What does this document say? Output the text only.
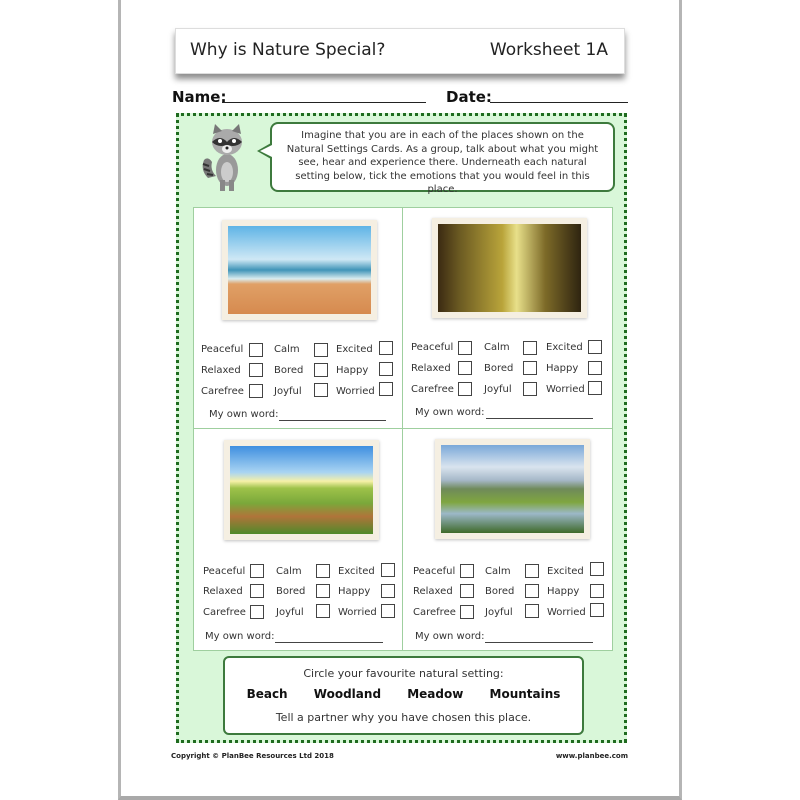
Why is Nature Special?	Worksheet 1A
Name:	Date:
Imagine that you are in each of the places shown on the Natural Settings Cards. As a group, talk about what you might see, hear and experience there. Underneath each natural setting below, tick the emotions that you would feel in this place.
Peaceful	Calm	Excited
Relaxed	Bored	Happy
Carefree	Joyful	Worried
My own word:
Peaceful	Calm	Excited
Relaxed	Bored	Happy
Carefree	Joyful	Worried
My own word:
Peaceful	Calm	Excited
Relaxed	Bored	Happy
Carefree	Joyful	Worried
My own word:
Peaceful	Calm	Excited
Relaxed	Bored	Happy
Carefree	Joyful	Worried
My own word:
Circle your favourite natural setting:
Beach Woodland Meadow Mountains
Tell a partner why you have chosen this place.
Copyright © PlanBee Resources Ltd 2018	www.planbee.com
